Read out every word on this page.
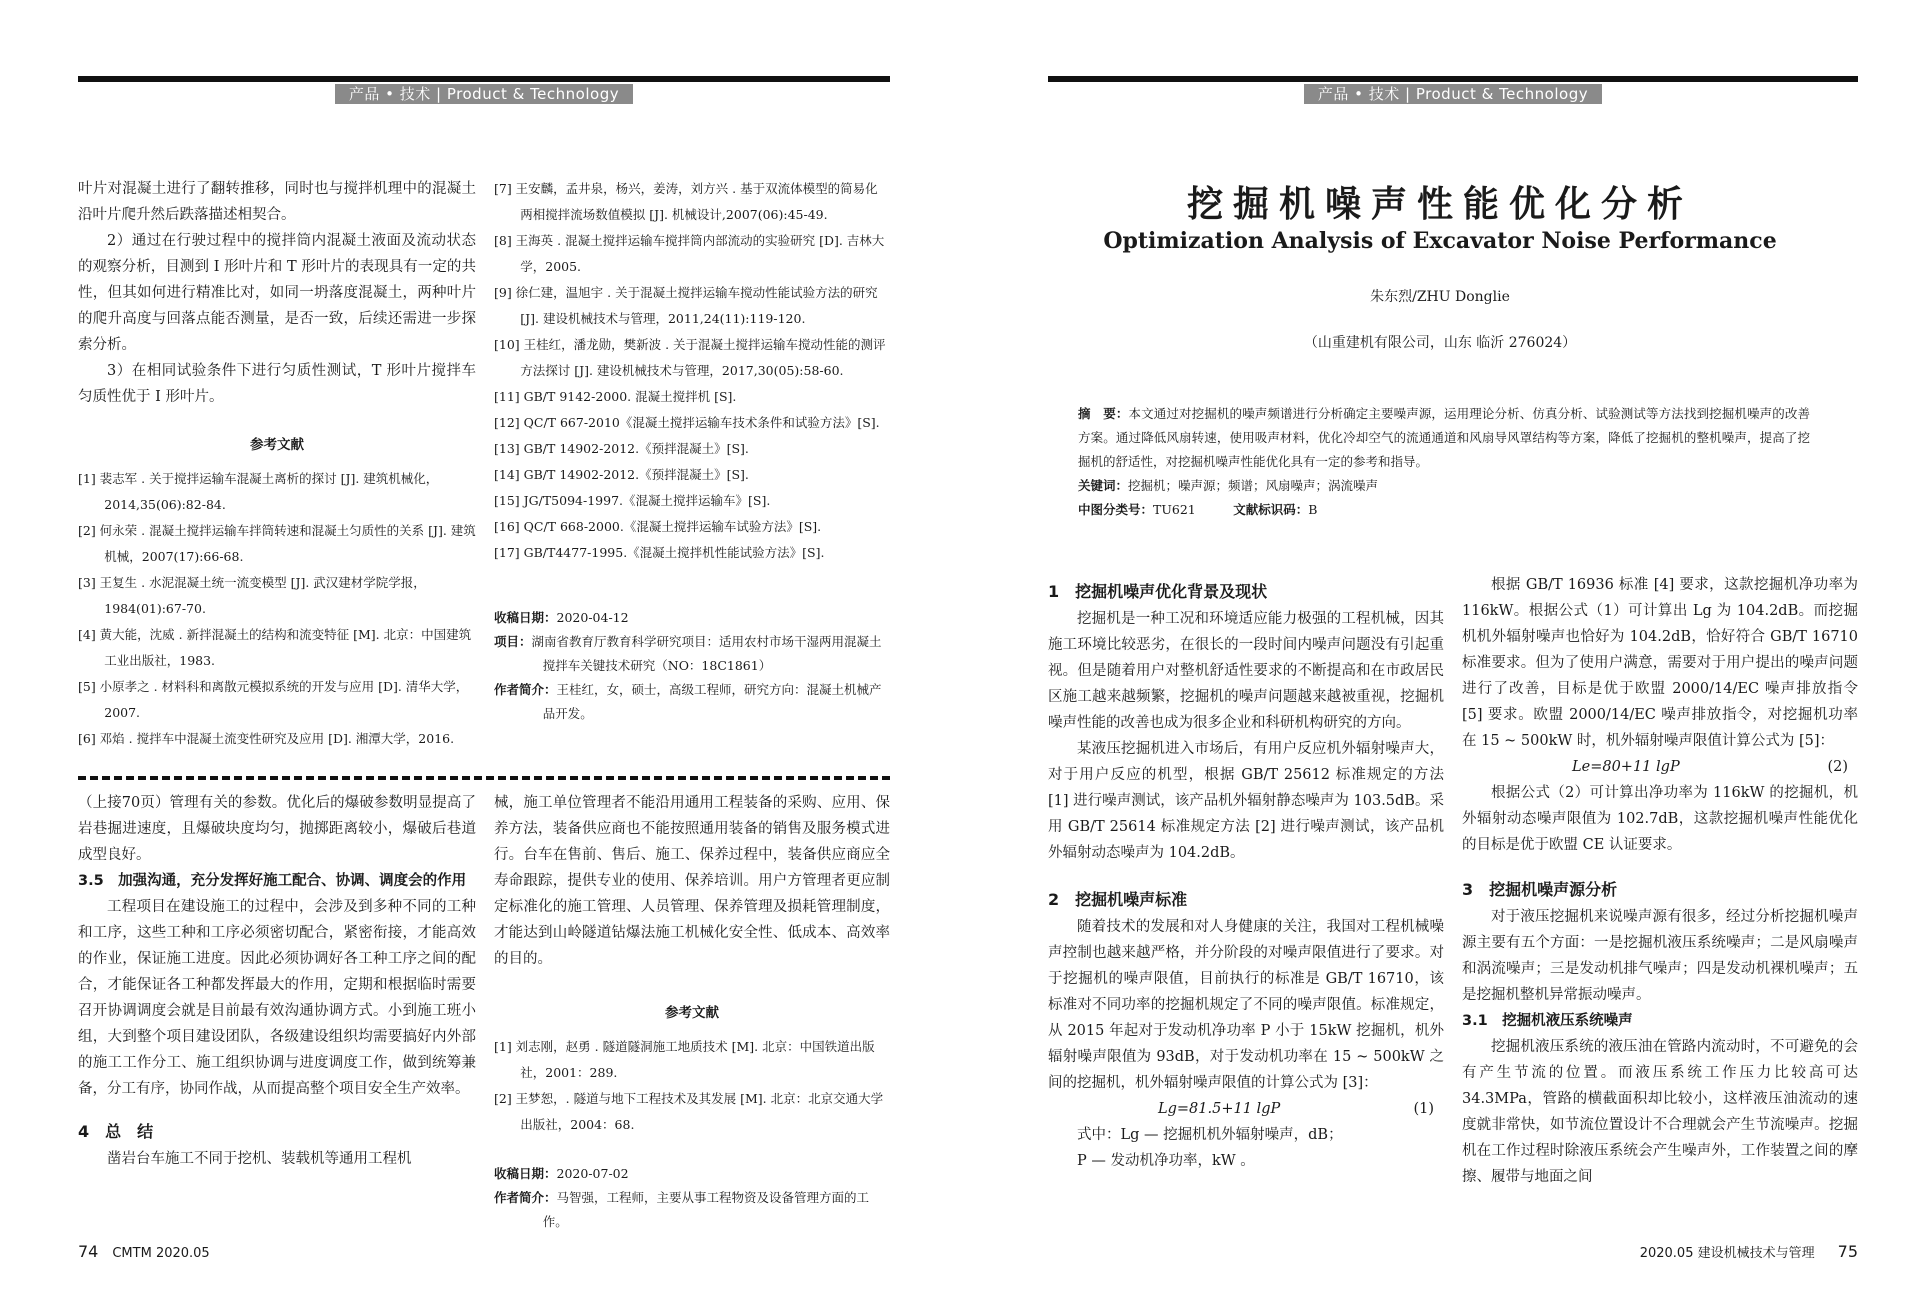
产品 • 技术 | Product & Technology

叶片对混凝土进行了翻转推移，同时也与搅拌机理中的混凝土沿叶片爬升然后跌落描述相契合。

2）通过在行驶过程中的搅拌筒内混凝土液面及流动状态的观察分析，目测到 I 形叶片和 T 形叶片的表现具有一定的共性，但其如何进行精准比对，如同一坍落度混凝土，两种叶片的爬升高度与回落点能否测量，是否一致，后续还需进一步探索分析。

3）在相同试验条件下进行匀质性测试，T 形叶片搅拌车匀质性优于 I 形叶片。

参考文献
[1] 裴志军 . 关于搅拌运输车混凝土离析的探讨 [J]. 建筑机械化，2014,35(06):82-84.
[2] 何永荣 . 混凝土搅拌运输车拌筒转速和混凝土匀质性的关系 [J]. 建筑机械，2007(17):66-68.
[3] 王复生 . 水泥混凝土统一流变模型 [J]. 武汉建材学院学报，1984(01):67-70.
[4] 黄大能，沈威 . 新拌混凝土的结构和流变特征 [M]. 北京：中国建筑工业出版社，1983.
[5] 小原孝之 . 材料科和离散元模拟系统的开发与应用 [D]. 清华大学，2007.
[6] 邓焰 . 搅拌车中混凝土流变性研究及应用 [D]. 湘潭大学，2016.
[7] 王安麟，孟井泉，杨兴，姜涛，刘方兴 . 基于双流体模型的简易化两相搅拌流场数值模拟 [J]. 机械设计,2007(06):45-49.
[8] 王海英 . 混凝土搅拌运输车搅拌筒内部流动的实验研究 [D]. 吉林大学，2005.
[9] 徐仁建，温旭宇 . 关于混凝土搅拌运输车搅动性能试验方法的研究 [J]. 建设机械技术与管理，2011,24(11):119-120.
[10] 王桂红，潘龙勋，樊新波 . 关于混凝土搅拌运输车搅动性能的测评方法探讨 [J]. 建设机械技术与管理，2017,30(05):58-60.
[11] GB/T 9142-2000. 混凝土搅拌机 [S].
[12] QC/T 667-2010《混凝土搅拌运输车技术条件和试验方法》[S].
[13] GB/T 14902-2012.《预拌混凝土》[S].
[14] GB/T 14902-2012.《预拌混凝土》[S].
[15] JG/T5094-1997.《混凝土搅拌运输车》[S].
[16] QC/T 668-2000.《混凝土搅拌运输车试验方法》[S].
[17] GB/T4477-1995.《混凝土搅拌机性能试验方法》[S].
收稿日期：2020-04-12
项目：湖南省教育厅教育科学研究项目：适用农村市场干湿两用混凝土搅拌车关键技术研究（NO：18C1861）
作者简介：王桂红，女，硕士，高级工程师，研究方向：混凝土机械产品开发。

（上接70页）管理有关的参数。优化后的爆破参数明显提高了岩巷掘进速度，且爆破块度均匀，抛掷距离较小，爆破后巷道成型良好。

3.5　加强沟通，充分发挥好施工配合、协调、调度会的作用

工程项目在建设施工的过程中，会涉及到多种不同的工种和工序，这些工种和工序必须密切配合，紧密衔接，才能高效的作业，保证施工进度。因此必须协调好各工种工序之间的配合，才能保证各工种都发挥最大的作用，定期和根据临时需要召开协调调度会就是目前最有效沟通协调方式。小到施工班小组，大到整个项目建设团队，各级建设组织均需要搞好内外部的施工工作分工、施工组织协调与进度调度工作，做到统筹兼备，分工有序，协同作战，从而提高整个项目安全生产效率。

4　总　结

凿岩台车施工不同于挖机、装载机等通用工程机

械，施工单位管理者不能沿用通用工程装备的采购、应用、保养方法，装备供应商也不能按照通用装备的销售及服务模式进行。台车在售前、售后、施工、保养过程中，装备供应商应全寿命跟踪，提供专业的使用、保养培训。用户方管理者更应制定标准化的施工管理、人员管理、保养管理及损耗管理制度，才能达到山岭隧道钻爆法施工机械化安全性、低成本、高效率的目的。

参考文献
[1] 刘志刚，赵勇 . 隧道隧洞施工地质技术 [M]. 北京：中国铁道出版社，2001：289.
[2] 王梦恕，. 隧道与地下工程技术及其发展 [M]. 北京：北京交通大学出版社，2004：68.
收稿日期：2020-07-02
作者简介：马智强，工程师，主要从事工程物资及设备管理方面的工作。
74 CMTM 2020.05
产品 • 技术 | Product & Technology
挖掘机噪声性能优化分析
Optimization Analysis of Excavator Noise Performance
朱东烈/ZHU Donglie
（山重建机有限公司，山东 临沂 276024）
摘　要：本文通过对挖掘机的噪声频谱进行分析确定主要噪声源，运用理论分析、仿真分析、试验测试等方法找到挖掘机噪声的改善方案。通过降低风扇转速，使用吸声材料，优化冷却空气的流通通道和风扇导风罩结构等方案，降低了挖掘机的整机噪声，提高了挖掘机的舒适性，对挖掘机噪声性能优化具有一定的参考和指导。
关键词：挖掘机；噪声源；频谱；风扇噪声；涡流噪声
中图分类号：TU621　　　	文献标识码：B
1　挖掘机噪声优化背景及现状

挖掘机是一种工况和环境适应能力极强的工程机械，因其施工环境比较恶劣，在很长的一段时间内噪声问题没有引起重视。但是随着用户对整机舒适性要求的不断提高和在市政居民区施工越来越频繁，挖掘机的噪声问题越来越被重视，挖掘机噪声性能的改善也成为很多企业和科研机构研究的方向。

某液压挖掘机进入市场后，有用户反应机外辐射噪声大，对于用户反应的机型，根据 GB/T 25612 标准规定的方法 [1] 进行噪声测试，该产品机外辐射静态噪声为 103.5dB。采用 GB/T 25614 标准规定方法 [2] 进行噪声测试，该产品机外辐射动态噪声为 104.2dB。

2　挖掘机噪声标准

随着技术的发展和对人身健康的关注，我国对工程机械噪声控制也越来越严格，并分阶段的对噪声限值进行了要求。对于挖掘机的噪声限值，目前执行的标准是 GB/T 16710，该标准对不同功率的挖掘机规定了不同的噪声限值。标准规定，从 2015 年起对于发动机净功率 P 小于 15kW 挖掘机，机外辐射噪声限值为 93dB，对于发动机功率在 15 ~ 500kW 之间的挖掘机，机外辐射噪声限值的计算公式为 [3]：

Lg=81.5+11 lgP	(1)

式中：Lg — 挖掘机机外辐射噪声，dB；

P — 发动机净功率，kW 。

根据 GB/T 16936 标准 [4] 要求，这款挖掘机净功率为 116kW。根据公式（1）可计算出 Lg 为 104.2dB。而挖掘机机外辐射噪声也恰好为 104.2dB，恰好符合 GB/T 16710 标准要求。但为了使用户满意，需要对于用户提出的噪声问题进行了改善，目标是优于欧盟 2000/14/EC 噪声排放指令 [5] 要求。欧盟 2000/14/EC 噪声排放指令，对挖掘机功率在 15 ~ 500kW 时，机外辐射噪声限值计算公式为 [5]：

Le=80+11 lgP	(2)

根据公式（2）可计算出净功率为 116kW 的挖掘机，机外辐射动态噪声限值为 102.7dB，这款挖掘机噪声性能优化的目标是优于欧盟 CE 认证要求。

3　挖掘机噪声源分析

对于液压挖掘机来说噪声源有很多，经过分析挖掘机噪声源主要有五个方面：一是挖掘机液压系统噪声；二是风扇噪声和涡流噪声；三是发动机排气噪声；四是发动机裸机噪声；五是挖掘机整机异常振动噪声。

3.1　挖掘机液压系统噪声

挖掘机液压系统的液压油在管路内流动时，不可避免的会有产生节流的位置。而液压系统工作压力比较高可达 34.3MPa，管路的横截面积却比较小，这样液压油流动的速度就非常快，如节流位置设计不合理就会产生节流噪声。挖掘机在工作过程时除液压系统会产生噪声外，工作装置之间的摩擦、履带与地面之间

2020.05 建设机械技术与管理　 75
